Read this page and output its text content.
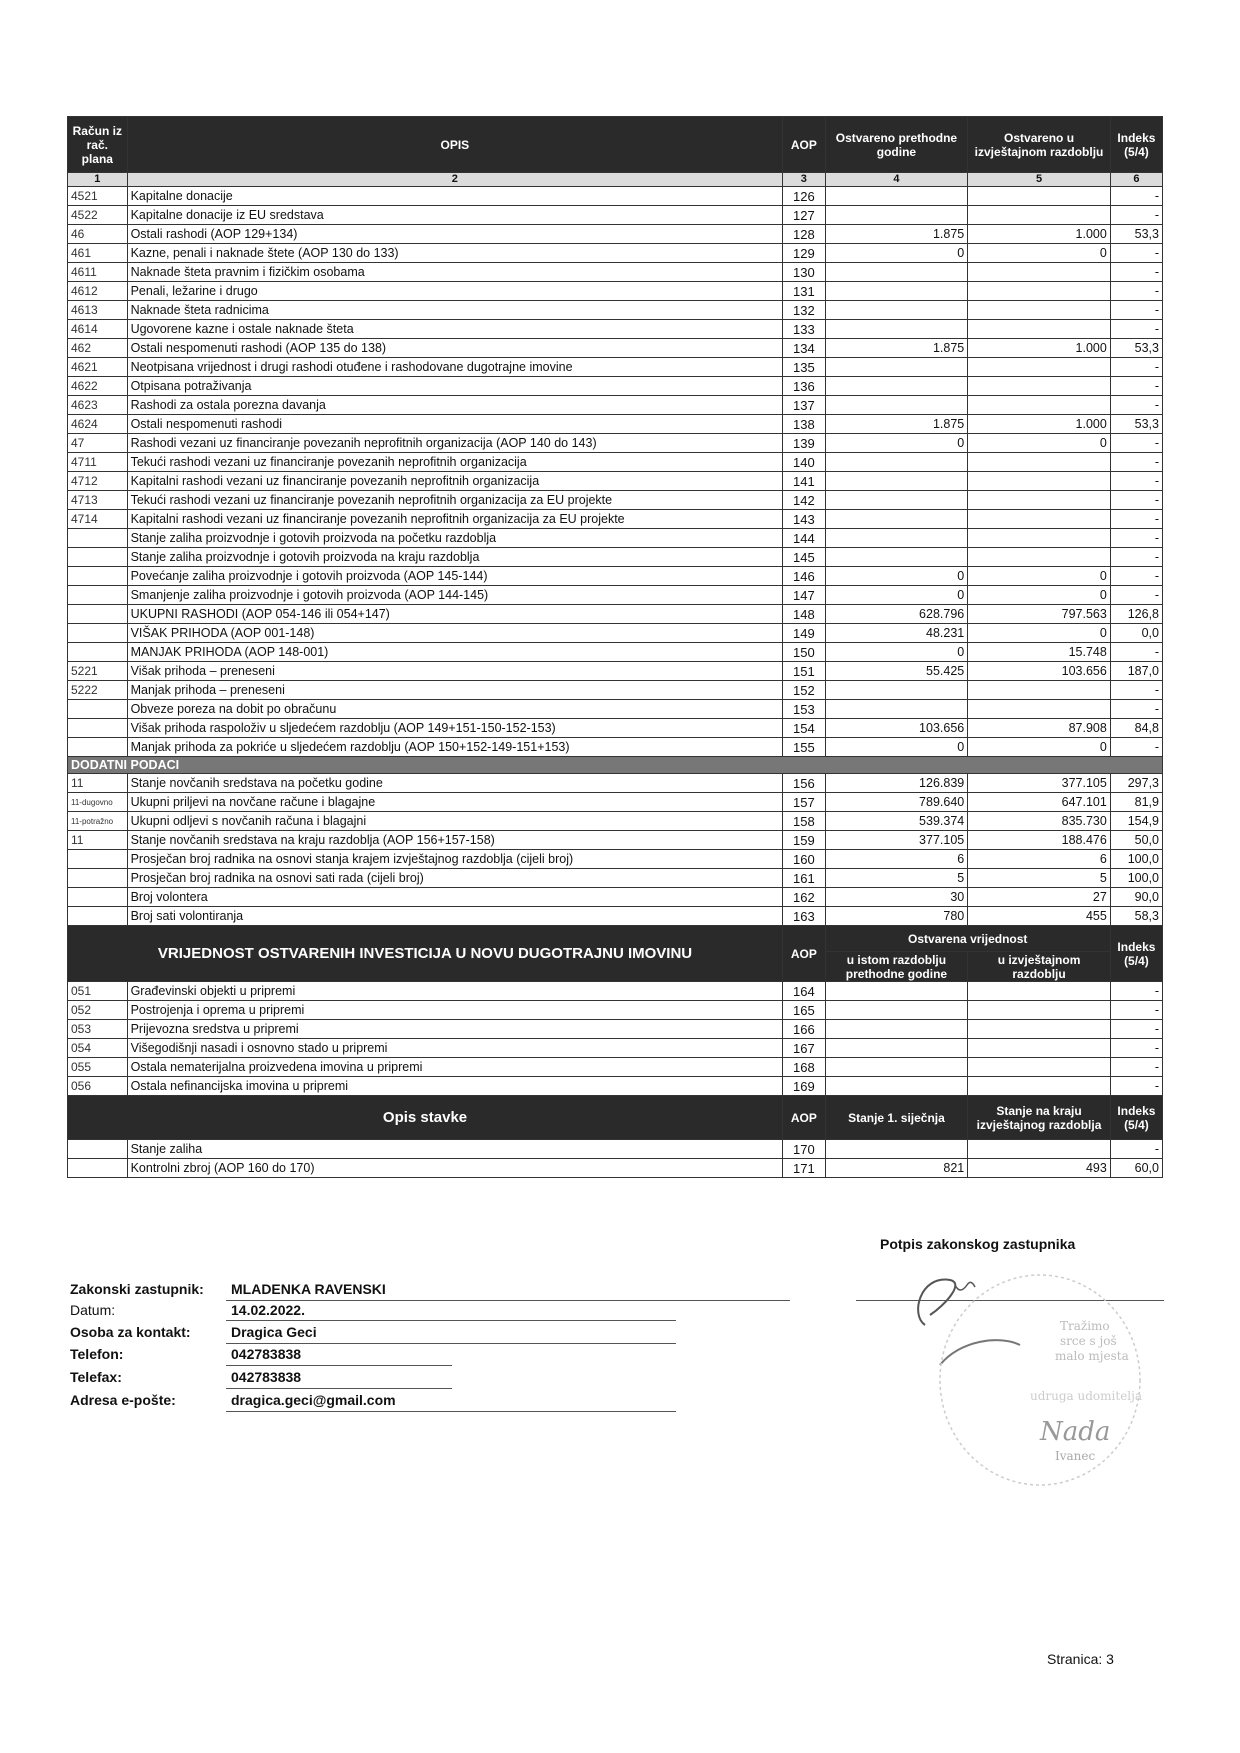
Račun iz rač. plana	OPIS	AOP	Ostvareno prethodne godine	Ostvareno u izvještajnom razdoblju	Indeks (5/4)
1	2	3	4	5	6
4521	Kapitalne donacije	126			-
4522	Kapitalne donacije iz EU sredstava	127			-
46	Ostali rashodi (AOP 129+134)	128	1.875	1.000	53,3
461	Kazne, penali i naknade štete (AOP 130 do 133)	129	0	0	-
4611	Naknade šteta pravnim i fizičkim osobama	130			-
4612	Penali, ležarine i drugo	131			-
4613	Naknade šteta radnicima	132			-
4614	Ugovorene kazne i ostale naknade šteta	133			-
462	Ostali nespomenuti rashodi (AOP 135 do 138)	134	1.875	1.000	53,3
4621	Neotpisana vrijednost i drugi rashodi otuđene i rashodovane dugotrajne imovine	135			-
4622	Otpisana potraživanja	136			-
4623	Rashodi za ostala porezna davanja	137			-
4624	Ostali nespomenuti rashodi	138	1.875	1.000	53,3
47	Rashodi vezani uz financiranje povezanih neprofitnih organizacija (AOP 140 do 143)	139	0	0	-
4711	Tekući rashodi vezani uz financiranje povezanih neprofitnih organizacija	140			-
4712	Kapitalni rashodi vezani uz financiranje povezanih neprofitnih organizacija	141			-
4713	Tekući rashodi vezani uz financiranje povezanih neprofitnih organizacija za EU projekte	142			-
4714	Kapitalni rashodi vezani uz financiranje povezanih neprofitnih organizacija za EU projekte	143			-
	Stanje zaliha proizvodnje i gotovih proizvoda na početku razdoblja	144			-
	Stanje zaliha proizvodnje i gotovih proizvoda na kraju razdoblja	145			-
	Povećanje zaliha proizvodnje i gotovih proizvoda (AOP 145-144)	146	0	0	-
	Smanjenje zaliha proizvodnje i gotovih proizvoda (AOP 144-145)	147	0	0	-
	UKUPNI RASHODI (AOP 054-146 ili 054+147)	148	628.796	797.563	126,8
	VIŠAK PRIHODA (AOP 001-148)	149	48.231	0	0,0
	MANJAK PRIHODA (AOP 148-001)	150	0	15.748	-
5221	Višak prihoda – preneseni	151	55.425	103.656	187,0
5222	Manjak prihoda – preneseni	152			-
	Obveze poreza na dobit po obračunu	153			-
	Višak prihoda raspoloživ u sljedećem razdoblju (AOP 149+151-150-152-153)	154	103.656	87.908	84,8
	Manjak prihoda za pokriće u sljedećem razdoblju (AOP 150+152-149-151+153)	155	0	0	-
DODATNI PODACI					
11	Stanje novčanih sredstava na početku godine	156	126.839	377.105	297,3
11-dugovno	Ukupni priljevi na novčane račune i blagajne	157	789.640	647.101	81,9
11-potražno	Ukupni odljevi s novčanih računa i blagajni	158	539.374	835.730	154,9
11	Stanje novčanih sredstava na kraju razdoblja (AOP 156+157-158)	159	377.105	188.476	50,0
	Prosječan broj radnika na osnovi stanja krajem izvještajnog razdoblja (cijeli broj)	160	6	6	100,0
	Prosječan broj radnika na osnovi sati rada (cijeli broj)	161	5	5	100,0
	Broj volontera	162	30	27	90,0
	Broj sati volontiranja	163	780	455	58,3
VRIJEDNOST OSTVARENIH INVESTICIJA U NOVU DUGOTRAJNU IMOVINU		AOP	Ostvarena vrijednost		Indeks (5/4)
			u istom razdoblju prethodne godine	u izvještajnom razdoblju	
051	Građevinski objekti u pripremi	164			-
052	Postrojenja i oprema u pripremi	165			-
053	Prijevozna sredstva u pripremi	166			-
054	Višegodišnji nasadi i osnovno stado u pripremi	167			-
055	Ostala nematerijalna proizvedena imovina u pripremi	168			-
056	Ostala nefinancijska imovina u pripremi	169			-
Opis stavke		AOP	Stanje 1. siječnja	Stanje na kraju izvještajnog razdoblja	Indeks (5/4)
	Stanje zaliha	170			-
	Kontrolni zbroj (AOP 160 do 170)	171	821	493	60,0
Potpis zakonskog zastupnika
Tražimo
srce s još
malo mjesta
udruga udomitelja
Nada
Ivanec
Zakonski zastupnik: MLADENKA RAVENSKI
Datum:	14.02.2022.
Osoba za kontakt:	Dragica Geci
Telefon:	042783838
Telefax:	042783838
Adresa e-pošte:	dragica.geci@gmail.com
Stranica: 3
